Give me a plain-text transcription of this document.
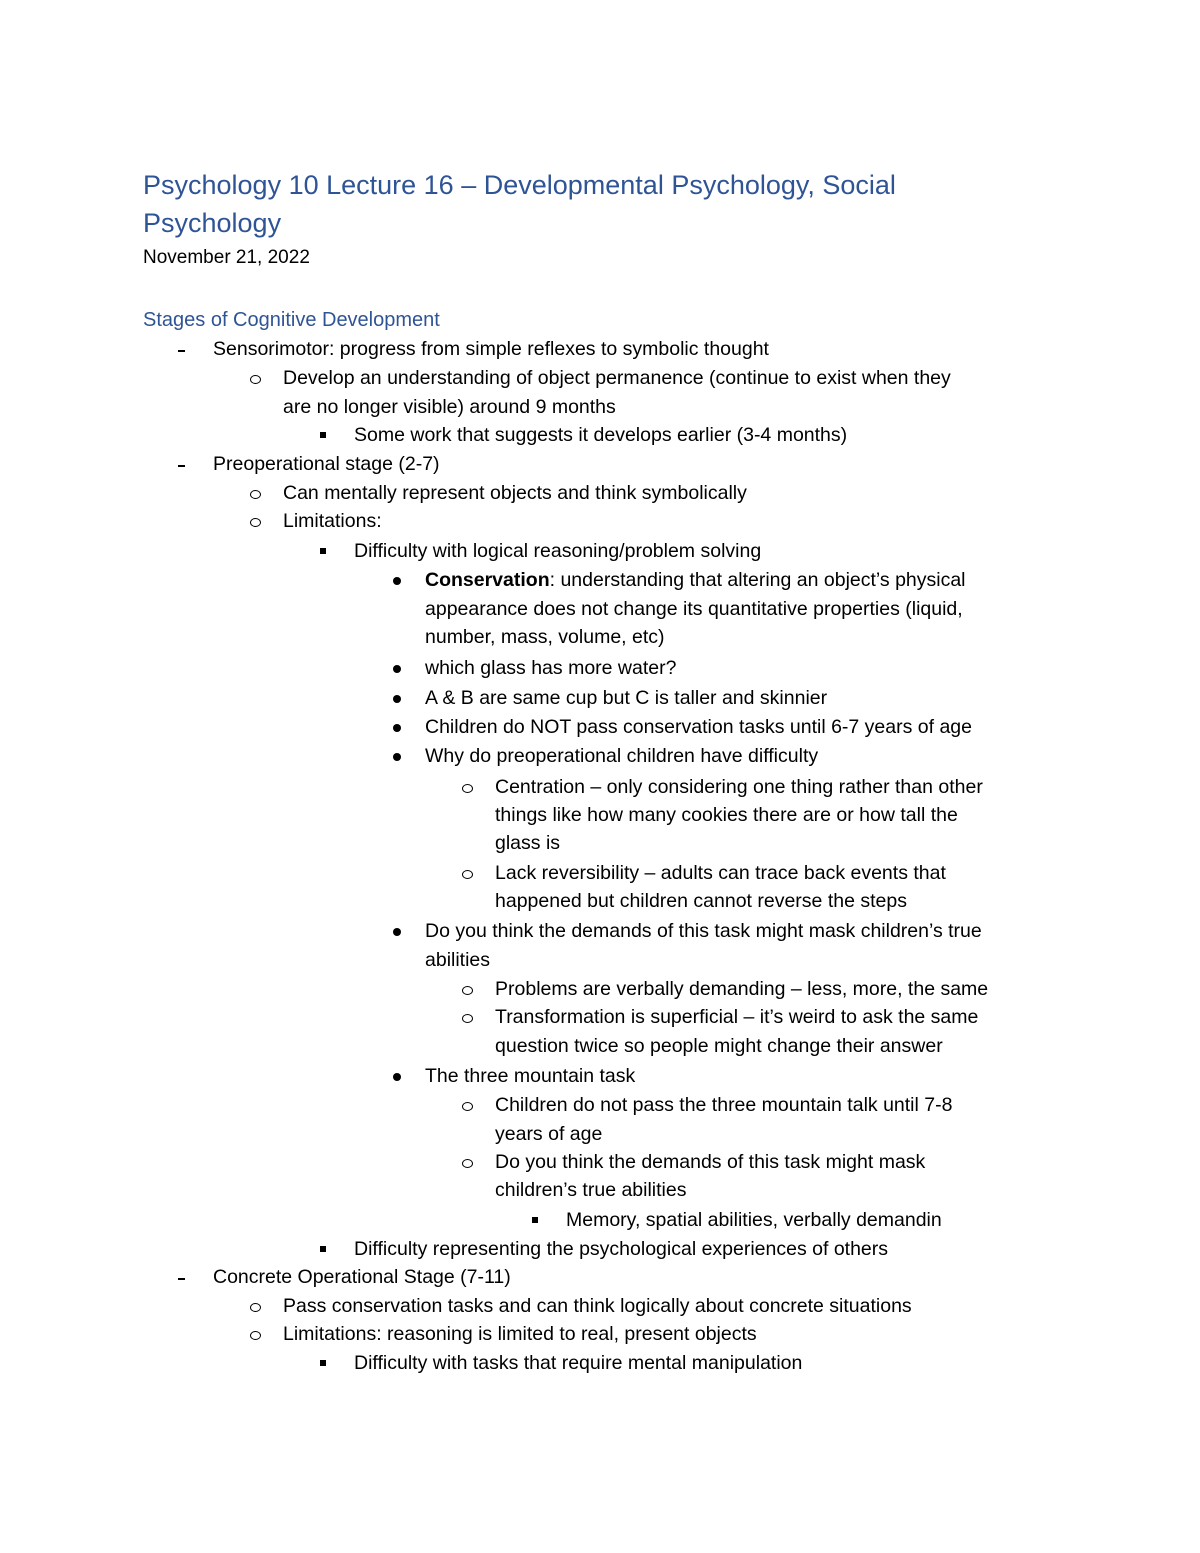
Psychology 10 Lecture 16 – Developmental Psychology, Social
Psychology

November 21, 2022

Stages of Cognitive Development
Sensorimotor: progress from simple reflexes to symbolic thought
Develop an understanding of object permanence (continue to exist when they
are no longer visible) around 9 months
Some work that suggests it develops earlier (3-4 months)
Preoperational stage (2-7)
Can mentally represent objects and think symbolically
Limitations:
Difficulty with logical reasoning/problem solving
Conservation: understanding that altering an object’s physical
appearance does not change its quantitative properties (liquid,
number, mass, volume, etc)
which glass has more water?
A & B are same cup but C is taller and skinnier
Children do NOT pass conservation tasks until 6-7 years of age
Why do preoperational children have difficulty
Centration – only considering one thing rather than other
things like how many cookies there are or how tall the
glass is
Lack reversibility – adults can trace back events that
happened but children cannot reverse the steps
Do you think the demands of this task might mask children’s true
abilities
Problems are verbally demanding – less, more, the same
Transformation is superficial – it’s weird to ask the same
question twice so people might change their answer
The three mountain task
Children do not pass the three mountain talk until 7-8
years of age
Do you think the demands of this task might mask
children’s true abilities
Memory, spatial abilities, verbally demandin
Difficulty representing the psychological experiences of others
Concrete Operational Stage (7-11)
Pass conservation tasks and can think logically about concrete situations
Limitations: reasoning is limited to real, present objects
Difficulty with tasks that require mental manipulation
